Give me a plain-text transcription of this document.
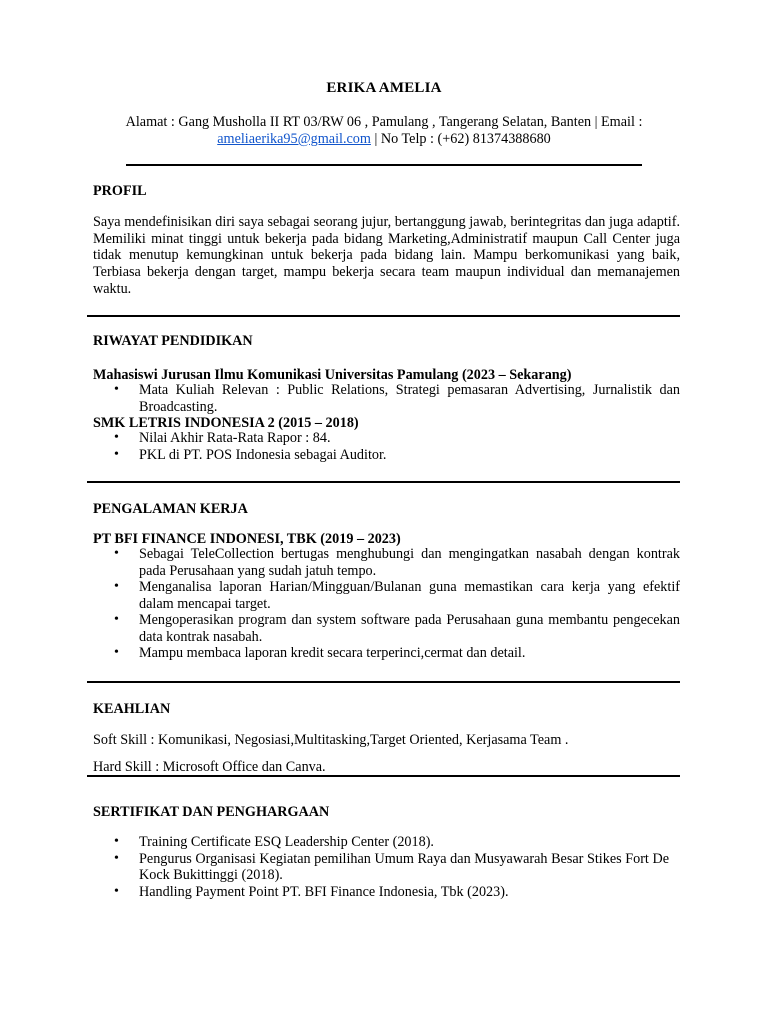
ERIKA AMELIA
Alamat : Gang Musholla II RT 03/RW 06 , Pamulang , Tangerang Selatan, Banten | Email : ameliaerika95@gmail.com | No Telp : (+62) 81374388680
PROFIL
Saya mendefinisikan diri saya sebagai seorang jujur, bertanggung jawab, berintegritas dan juga adaptif. Memiliki minat tinggi untuk bekerja pada bidang Marketing,Administratif maupun Call Center juga tidak menutup kemungkinan untuk bekerja pada bidang lain. Mampu berkomunikasi yang baik, Terbiasa bekerja dengan target, mampu bekerja secara team maupun individual dan memanajemen waktu.
RIWAYAT PENDIDIKAN
Mahasiswi Jurusan Ilmu Komunikasi Universitas Pamulang (2023 – Sekarang)
• Mata Kuliah Relevan : Public Relations, Strategi pemasaran Advertising, Jurnalistik dan Broadcasting.
SMK LETRIS INDONESIA 2 (2015 – 2018)
• Nilai Akhir Rata-Rata Rapor : 84.
• PKL di PT. POS Indonesia sebagai Auditor.
PENGALAMAN KERJA
PT BFI FINANCE INDONESI, TBK (2019 – 2023)
• Sebagai TeleCollection bertugas menghubungi dan mengingatkan nasabah dengan kontrak pada Perusahaan yang sudah jatuh tempo.
• Menganalisa laporan Harian/Mingguan/Bulanan guna memastikan cara kerja yang efektif dalam mencapai target.
• Mengoperasikan program dan system software pada Perusahaan guna membantu pengecekan data kontrak nasabah.
• Mampu membaca laporan kredit secara terperinci,cermat dan detail.
KEAHLIAN
Soft Skill : Komunikasi, Negosiasi,Multitasking,Target Oriented, Kerjasama Team .
Hard Skill : Microsoft Office dan Canva.
SERTIFIKAT DAN PENGHARGAAN
• Training Certificate ESQ Leadership Center (2018).
• Pengurus Organisasi Kegiatan pemilihan Umum Raya dan Musyawarah Besar Stikes Fort De Kock Bukittinggi (2018).
• Handling Payment Point PT. BFI Finance Indonesia, Tbk (2023).
